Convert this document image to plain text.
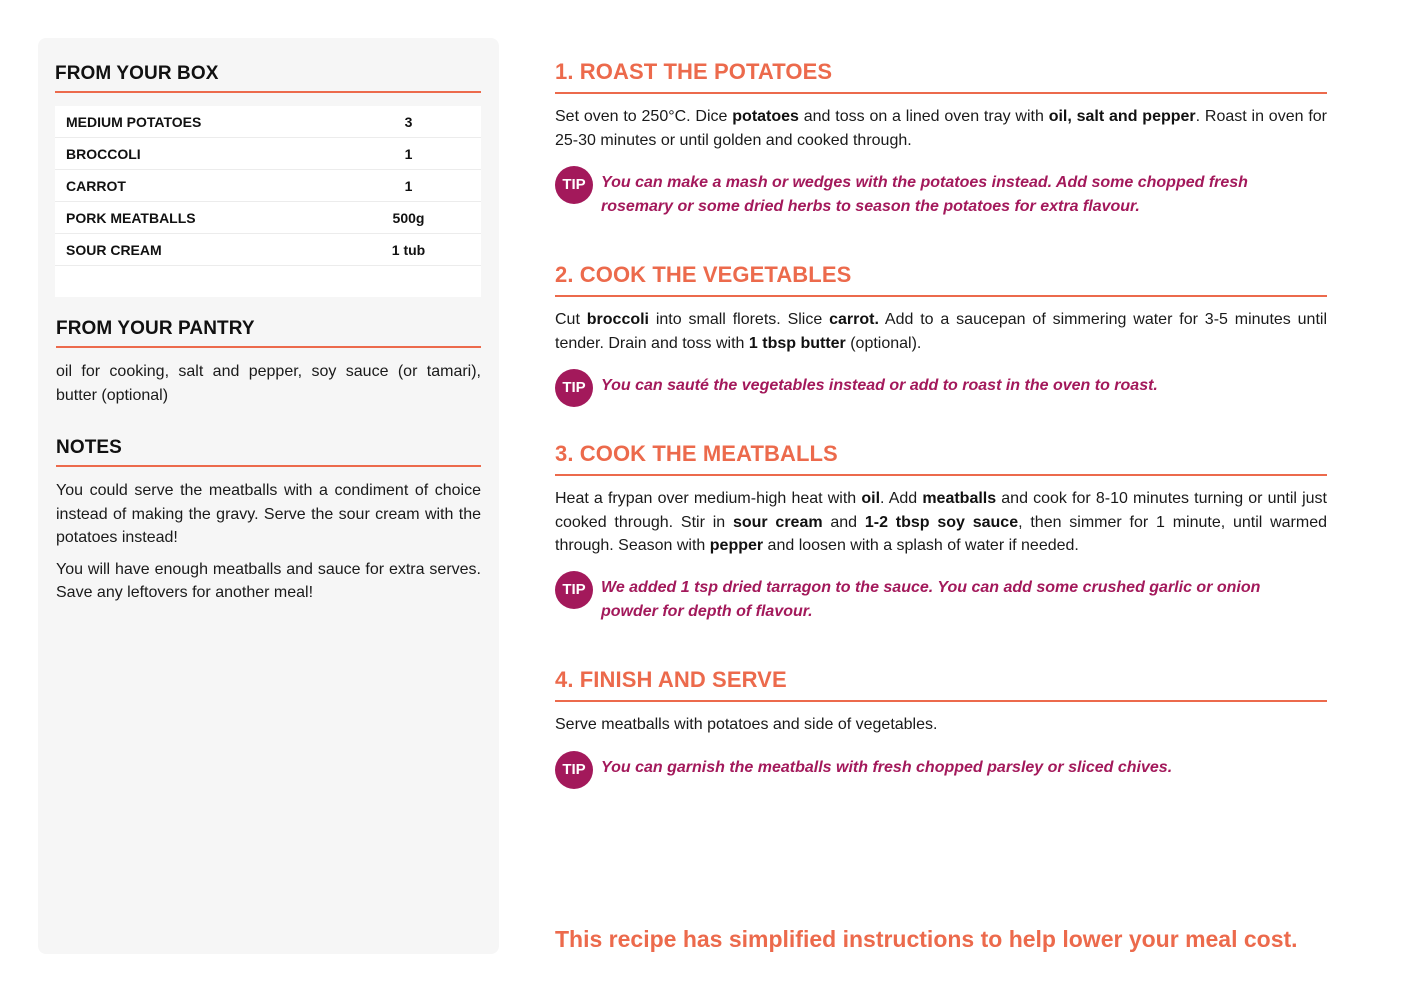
FROM YOUR BOX
MEDIUM POTATOES	3
BROCCOLI	1
CARROT	1
PORK MEATBALLS	500g
SOUR CREAM	1 tub

FROM YOUR PANTRY

oil for cooking, salt and pepper, soy sauce (or tamari), butter (optional)

NOTES

You could serve the meatballs with a condiment of choice instead of making the gravy. Serve the sour cream with the potatoes instead!

You will have enough meatballs and sauce for extra serves. Save any leftovers for another meal!

1. ROAST THE POTATOES
Set oven to 250°C. Dice potatoes and toss on a lined oven tray with oil, salt and pepper. Roast in oven for 25-30 minutes or until golden and cooked through.
TIP You can make a mash or wedges with the potatoes instead. Add some chopped fresh rosemary or some dried herbs to season the potatoes for extra flavour.
2. COOK THE VEGETABLES
Cut broccoli into small florets. Slice carrot. Add to a saucepan of simmering water for 3-5 minutes until tender. Drain and toss with 1 tbsp butter (optional).
TIP You can sauté the vegetables instead or add to roast in the oven to roast.
3. COOK THE MEATBALLS
Heat a frypan over medium-high heat with oil. Add meatballs and cook for 8-10 minutes turning or until just cooked through. Stir in sour cream and 1-2 tbsp soy sauce, then simmer for 1 minute, until warmed through. Season with pepper and loosen with a splash of water if needed.
TIP We added 1 tsp dried tarragon to the sauce. You can add some crushed garlic or onion powder for depth of flavour.
4. FINISH AND SERVE
Serve meatballs with potatoes and side of vegetables.
TIP You can garnish the meatballs with fresh chopped parsley or sliced chives.
This recipe has simplified instructions to help lower your meal cost.
